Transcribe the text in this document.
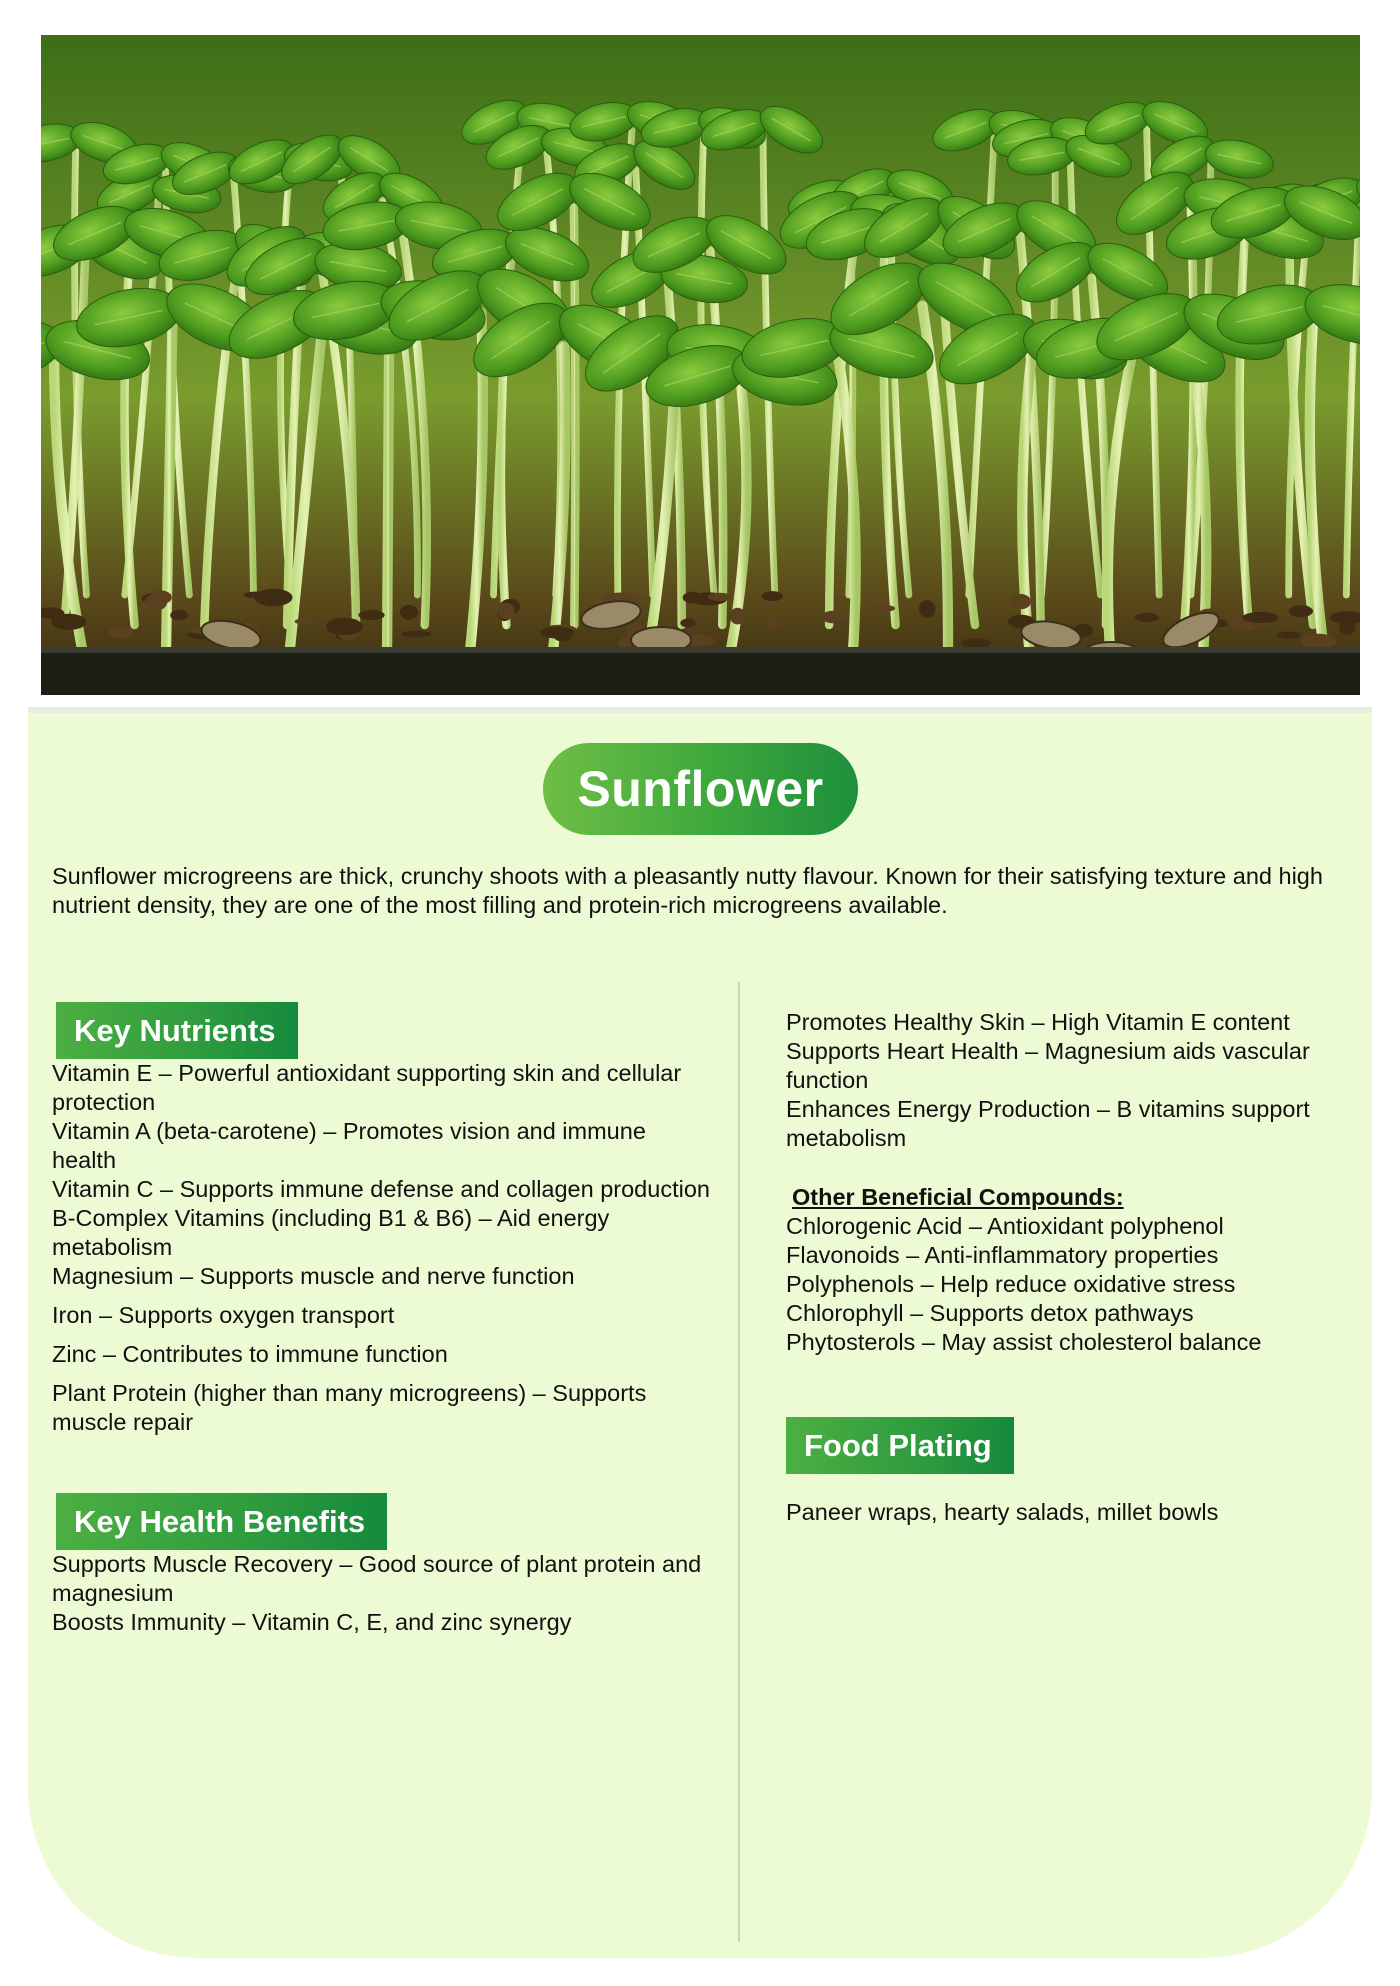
Sunflower

Sunflower microgreens are thick, crunchy shoots with a pleasantly nutty flavour. Known for their satisfying texture and high nutrient density, they are one of the most filling and protein-rich microgreens available.

Key Nutrients
Vitamin E – Powerful antioxidant supporting skin and cellular protection
Vitamin A (beta-carotene) – Promotes vision and immune health
Vitamin C – Supports immune defense and collagen production
B-Complex Vitamins (including B1 & B6) – Aid energy metabolism
Magnesium – Supports muscle and nerve function
Iron – Supports oxygen transport
Zinc – Contributes to immune function
Plant Protein (higher than many microgreens) – Supports muscle repair
Key Health Benefits
Supports Muscle Recovery – Good source of plant protein and magnesium
Boosts Immunity – Vitamin C, E, and zinc synergy
Promotes Healthy Skin – High Vitamin E content
Supports Heart Health – Magnesium aids vascular function
Enhances Energy Production – B vitamins support metabolism
Other Beneficial Compounds:
Chlorogenic Acid – Antioxidant polyphenol
Flavonoids – Anti-inflammatory properties
Polyphenols – Help reduce oxidative stress
Chlorophyll – Supports detox pathways
Phytosterols – May assist cholesterol balance
Food Plating
Paneer wraps, hearty salads, millet bowls
